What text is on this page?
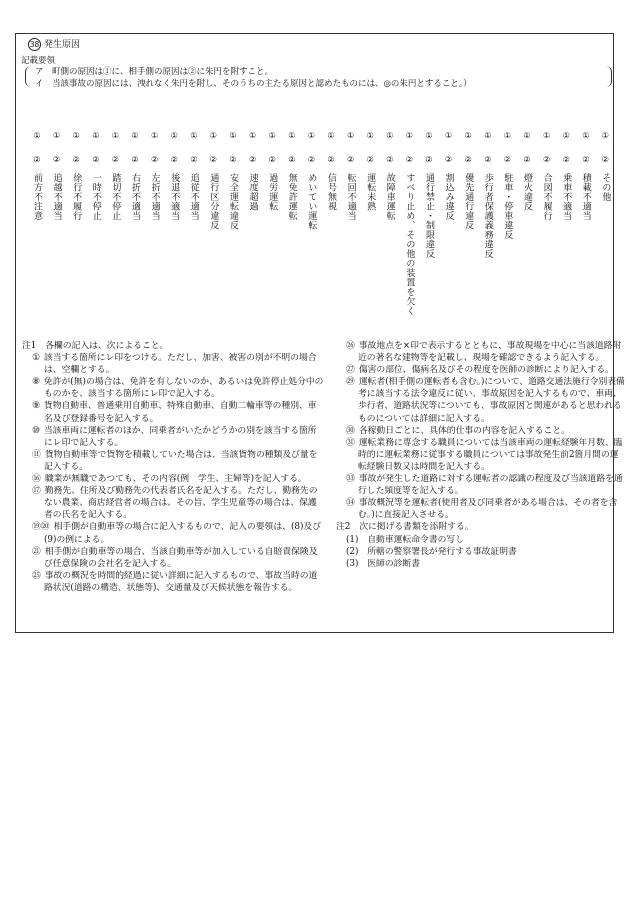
38 発生原因
記載要領
ア　町側の原因は①に、相手側の原因は②に朱円を附すこと。
イ　当該事故の原因には、洩れなく朱円を附し、そのうちの主たる原因と認めたものには、◎の朱円とすること。）
①
②
前方不注意
①
②
追越不適当
①
②
徐行不履行
①
②
一時不停止
①
②
踏切不停止
①
②
右折不適当
①
②
左折不適当
①
②
後退不適当
①
②
追従不適当
①
②
通行区分違反
①
②
安全運転違反
①
②
速度超過
①
②
過労運転
①
②
無免許運転
①
②
めいてい運転
①
②
信号無視
①
②
転回不適当
①
②
運転未熟
①
②
故障車運転
①
②
すべり止め、その他の装置を欠く
①
②
通行禁止・制限違反
①
②
割込み違反
①
②
優先通行違反
①
②
歩行者保護義務違反
①
②
駐車・停車違反
①
②
燈火違反
①
②
合図不履行
①
②
乗車不適当
①
②
積載不適当
①
②
その他
注1　各欄の記入は、次によること。
① 該当する箇所にレ印をつける。ただし、加害、被害の別が不明の場合は、空欄とする。
⑧ 免許が(無)の場合は、免許を有しないのか、あるいは免許停止処分中のものかを、該当する箇所にレ印で記入する。
⑨ 貨物自動車、普通乗用自動車、特殊自動車、自動二輪車等の種別、車名及び登録番号を記入する。
⑩ 当該車両に運転者のほか、同乗者がいたかどうかの別を該当する箇所にレ印で記入する。
⑪ 貨物自動車等で貨物を積載していた場合は、当該貨物の種類及び量を記入する。
⑯ 職業が無職であつても、その内容(例　学生、主婦等)を記入する。
⑰ 勤務先、住所及び勤務先の代表者氏名を記入する。ただし、勤務先のない農業、商店経営者の場合は、その旨、学生児童等の場合は、保護者の氏名を記入する。
⑲⑳ 相手側が自動車等の場合に記入するもので、記入の要領は、(8)及び(9)の例による。
㉑ 相手側が自動車等の場合、当該自動車等が加入している自賠責保険及び任意保険の会社名を記入する。
㉕ 事故の概況を時間的経過に従い詳細に記入するもので、事故当時の道路状況(道路の構造、状態等)、交通量及び天候状態を報告する。
㉖ 事故地点を×印で表示するとともに、事故現場を中心に当該道路附近の著名な建物等を記載し、現場を確認できるよう記入する。
㉗ 傷害の部位、傷病名及びその程度を医師の診断により記入する。
㉙ 運転者(相手側の運転者も含む。)について、道路交通法施行令別表備考に該当する法令違反に従い、事故原因を記入するもので、車両、歩行者、道路状況等についても、事故原因と関連があると思われるものについては詳細に記入する。
㉚ 各稼動日ごとに、具体的仕事の内容を記入すること。
㉛ 運転業務に専念する職員については当該車両の運転経験年月数、臨時的に運転業務に従事する職員については事故発生前2箇月間の運転経験日数又は時間を記入する。
㉝ 事故が発生した道路に対する運転者の認識の程度及び当該道路を通行した頻度等を記入する。
㉞ 事故概況等を運転者(使用者及び同乗者がある場合は、その者を含む。)に直接記入させる。
注2　次に掲げる書類を添附する。
(1)　自動車運転命令書の写し
(2)　所轄の警察署長が発行する事故証明書
(3)　医師の診断書
